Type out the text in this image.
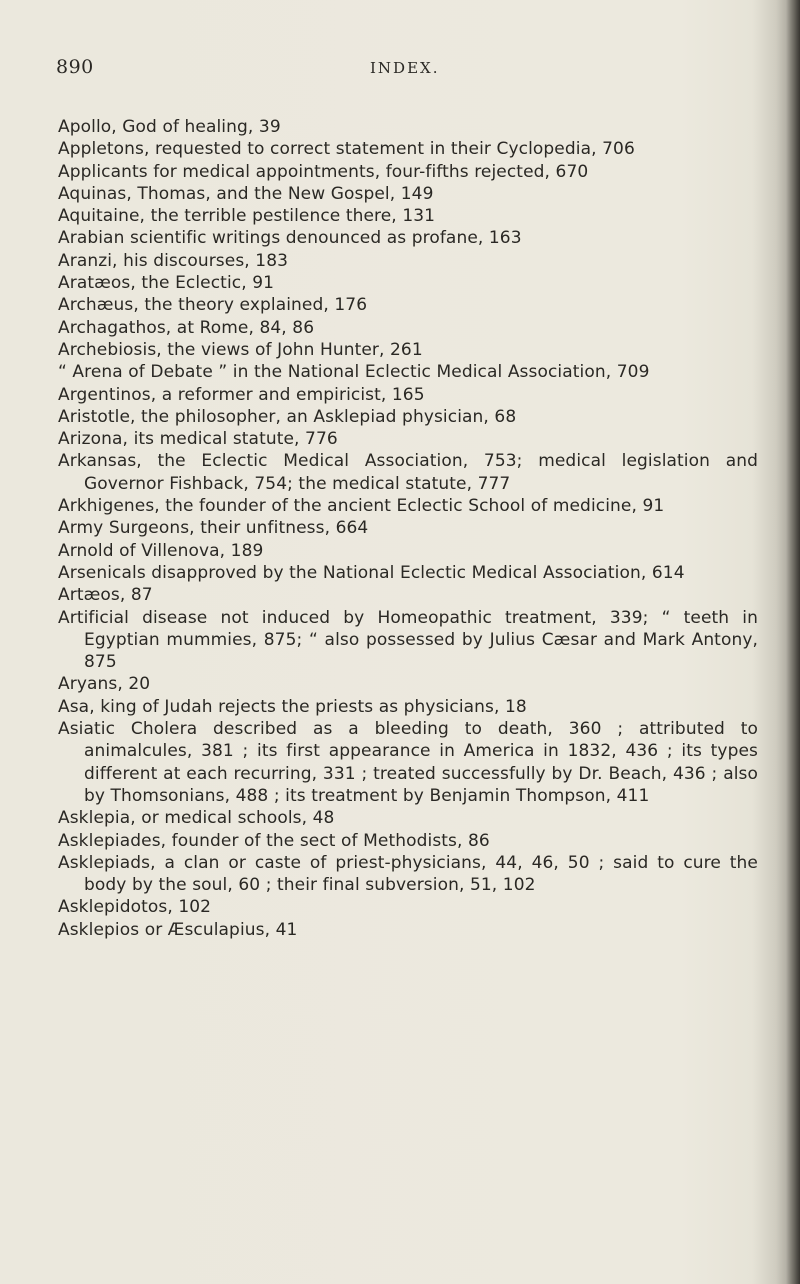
890	INDEX.
Apollo, God of healing, 39
Appletons, requested to correct statement in their Cyclopedia, 706
Applicants for medical appointments, four-fifths rejected, 670
Aquinas, Thomas, and the New Gospel, 149
Aquitaine, the terrible pestilence there, 131
Arabian scientific writings denounced as profane, 163
Aranzi, his discourses, 183
Aratæos, the Eclectic, 91
Archæus, the theory explained, 176
Archagathos, at Rome, 84, 86
Archebiosis, the views of John Hunter, 261
“ Arena of Debate ” in the National Eclectic Medical Association, 709
Argentinos, a reformer and empiricist, 165
Aristotle, the philosopher, an Asklepiad physician, 68
Arizona, its medical statute, 776
Arkansas, the Eclectic Medical Association, 753; medical legislation and Governor Fishback, 754; the medical statute, 777
Arkhigenes, the founder of the ancient Eclectic School of medicine, 91
Army Surgeons, their unfitness, 664
Arnold of Villenova, 189
Arsenicals disapproved by the National Eclectic Medical Association, 614
Artæos, 87
Artificial disease not induced by Homeopathic treatment, 339; “ teeth in Egyptian mummies, 875; “ also possessed by Julius Cæsar and Mark Antony, 875
Aryans, 20
Asa, king of Judah rejects the priests as physicians, 18
Asiatic Cholera described as a bleeding to death, 360 ; attributed to animalcules, 381 ; its first appearance in America in 1832, 436 ; its types different at each recurring, 331 ; treated successfully by Dr. Beach, 436 ; also by Thomsonians, 488 ; its treatment by Benjamin Thompson, 411
Asklepia, or medical schools, 48
Asklepiades, founder of the sect of Methodists, 86
Asklepiads, a clan or caste of priest-physicians, 44, 46, 50 ; said to cure the body by the soul, 60 ; their final subversion, 51, 102
Asklepidotos, 102
Asklepios or Æsculapius, 41
